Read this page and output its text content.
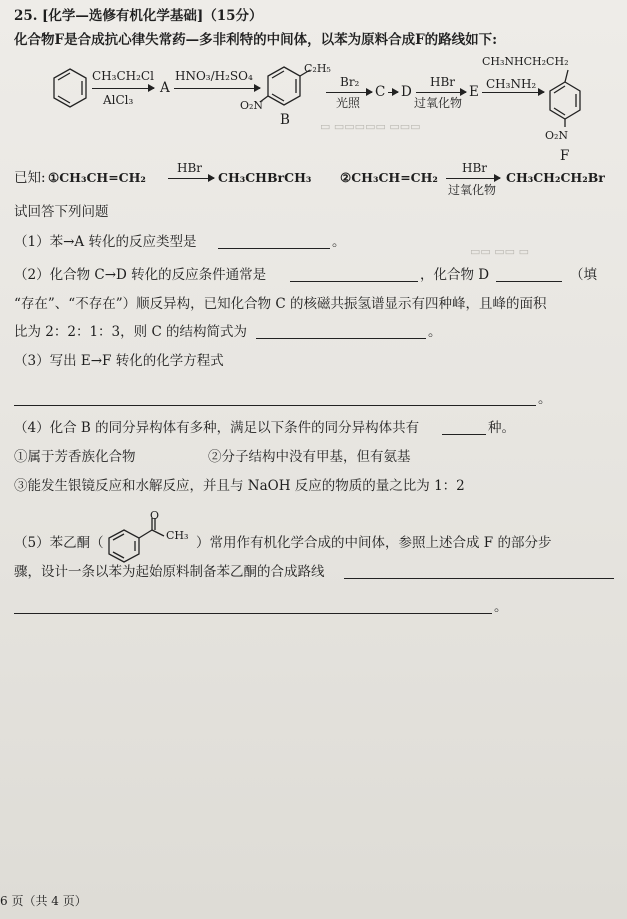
▭ ▭▭▭▭▭ ▭▭▭
▭▭ ▭▭ ▭
25. [化学—选修有机化学基础]（15分）
化合物F是合成抗心律失常药—多非利特的中间体，以苯为原料合成F的路线如下:
CH₃CH₂Cl
AlCl₃
A
HNO₃/H₂SO₄
C₂H₅
O₂N
B
Br₂
光照
C D →
HBr
过氧化物
E →
CH₃NH₂
CH₃NHCH₂CH₂
O₂N
F
已知: ①CH₃CH=CH₂
HBr
CH₃CHBrCH₃ ②CH₃CH=CH₂
HBr
过氧化物
CH₃CH₂CH₂Br
试回答下列问题
（1）苯→A 转化的反应类型是	。
（2）化合物 C→D 转化的反应条件通常是	，化合物 D	（填
“存在”、“不存在”）顺反异构，已知化合物 C 的核磁共振氢谱显示有四种峰，且峰的面积
比为 2：2：1：3，则 C 的结构简式为	。
（3）写出 E→F 转化的化学方程式
。
（4）化合 B 的同分异构体有多种，满足以下条件的同分异构体共有	种。
①属于芳香族化合物	②分子结构中没有甲基，但有氨基
③能发生银镜反应和水解反应，并且与 NaOH 反应的物质的量之比为 1：2
（5）苯乙酮（
O
CH₃ ）常用作有机化学合成的中间体，参照上述合成 F 的部分步
骤，设计一条以苯为起始原料制备苯乙酮的合成路线
。
6 页（共 4 页）
